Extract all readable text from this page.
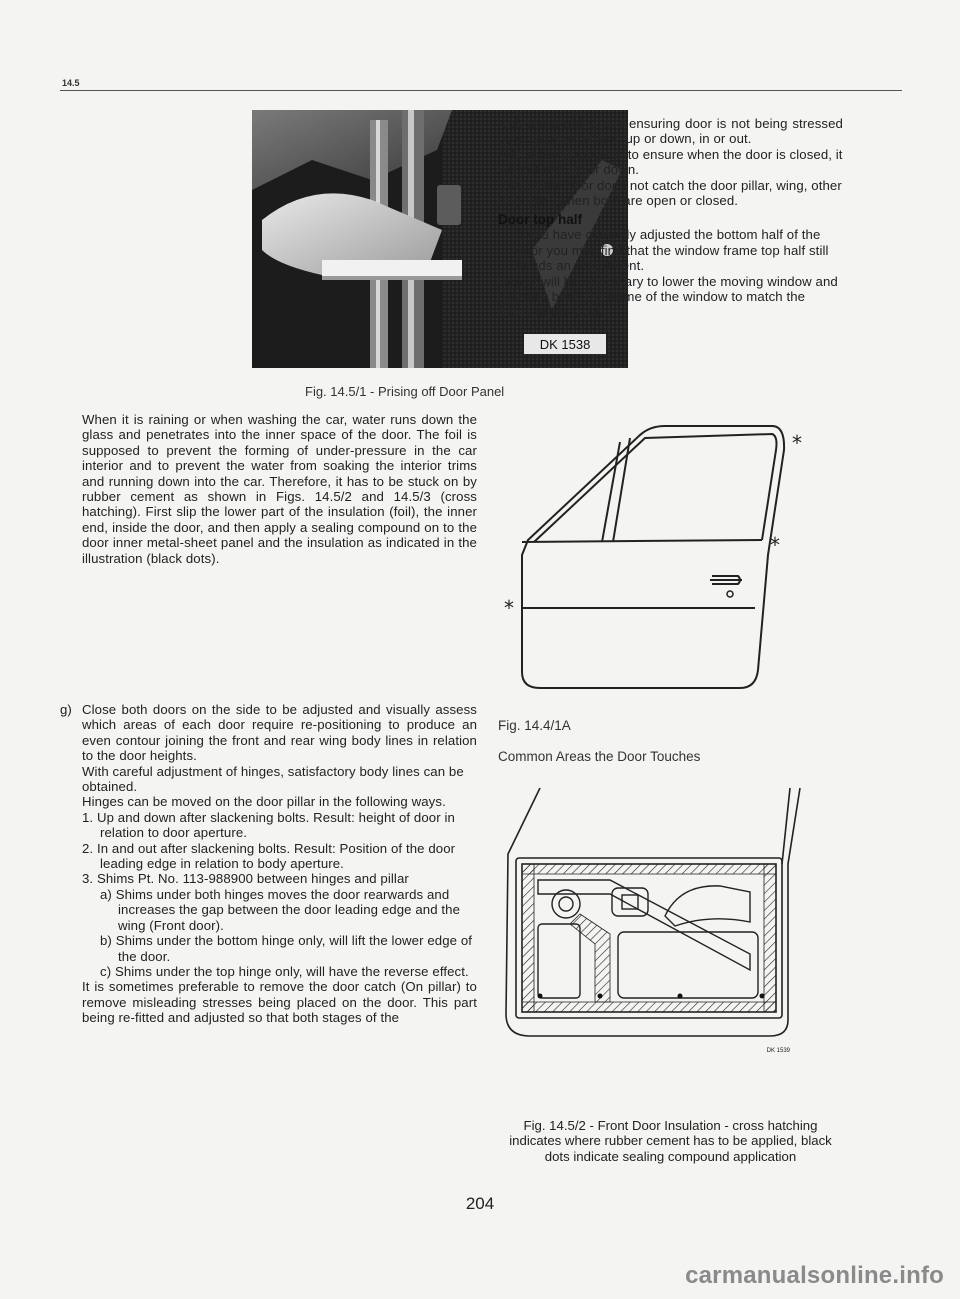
14.5
DK 1538
Fig. 14.5/1 - Prising off Door Panel

When it is raining or when washing the car, water runs down the glass and penetrates into the inner space of the door. The foil is supposed to prevent the forming of under-pressure in the car interior and to prevent the water from soaking the interior trims and running down into the car. Therefore, it has to be stuck on by rubber cement as shown in Figs. 14.5/2 and 14.5/3 (cross hatching). First slip the lower part of the insulation (foil), the inner end, inside the door, and then apply a sealing compound on to the door inner metal-sheet panel and the insulation as indicated in the illustration (black dots).

g) Close both doors on the side to be adjusted and visually assess which areas of each door require re-positioning to produce an even contour joining the front and rear wing body lines in relation to the door heights.

With careful adjustment of hinges, satisfactory body lines can be obtained.

Hinges can be moved on the door pillar in the following ways.

1. Up and down after slackening bolts. Result: height of door in relation to door aperture.

2. In and out after slackening bolts. Result: Position of the door leading edge in relation to body aperture.

3. Shims Pt. No. 113-988900 between hinges and pillar

a) Shims under both hinges moves the door rearwards and increases the gap between the door leading edge and the wing (Front door).

b) Shims under the bottom hinge only, will lift the lower edge of the door.

c) Shims under the top hinge only, will have the reverse effect.

It is sometimes preferable to remove the door catch (On pillar) to remove misleading stresses being placed on the door. This part being re-fitted and adjusted so that both stages of the

lock are working and ensuring door is not being stressed by excessive tension up or down, in or out.

Adjust the door catch to ensure when the door is closed, it will not ride up or down.

Ensure the door does not catch the door pillar, wing, other door etc., when both are open or closed.

Door top half

If you have correctly adjusted the bottom half of the door you may find that the window frame top half still needs an adjustment.

Here it will be necessary to lower the moving window and carefully bend the frame of the window to match the frame of the door.

*
*
*
Fig. 14.4/1A
Common Areas the Door Touches
DK 1539
Fig. 14.5/2 - Front Door Insulation - cross hatching indicates where rubber cement has to be applied, black dots indicate sealing compound application
204
carmanualsonline.info
